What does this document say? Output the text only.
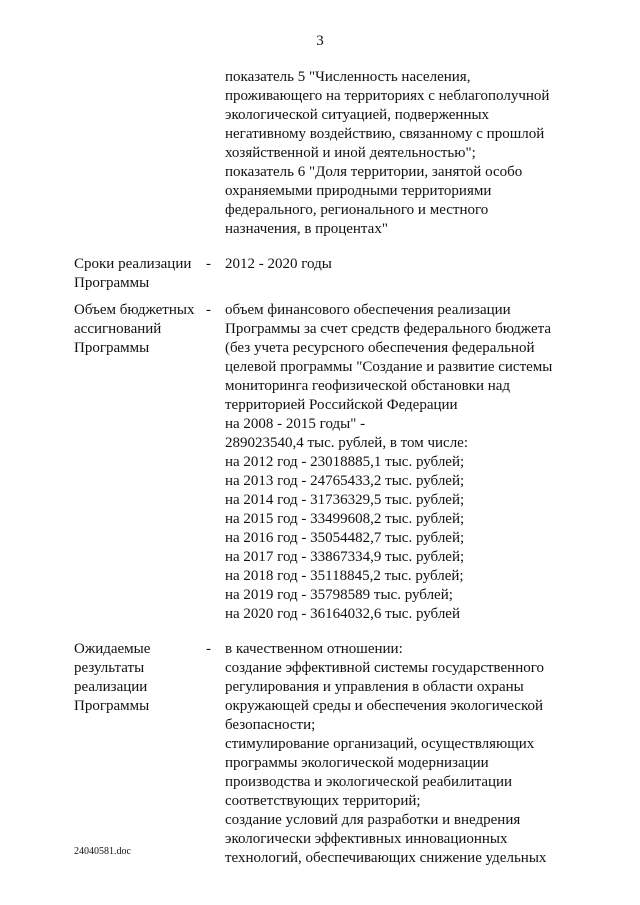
3
показатель 5 "Численность населения,
проживающего на территориях с неблагополучной
экологической ситуацией, подверженных
негативному воздействию, связанному с прошлой
хозяйственной и иной деятельностью";
показатель 6 "Доля территории, занятой особо
охраняемыми природными территориями
федерального, регионального и местного
назначения, в процентах"
Сроки реализации
Программы
- 2012 - 2020 годы
Объем бюджетных
ассигнований
Программы
- объем финансового обеспечения реализации
Программы за счет средств федерального бюджета
(без учета ресурсного обеспечения федеральной
целевой программы "Создание и развитие системы
мониторинга геофизической обстановки над
территорией Российской Федерации
на 2008 - 2015 годы" -
289023540,4 тыс. рублей, в том числе:
на 2012 год - 23018885,1 тыс. рублей;
на 2013 год - 24765433,2 тыс. рублей;
на 2014 год - 31736329,5 тыс. рублей;
на 2015 год - 33499608,2 тыс. рублей;
на 2016 год - 35054482,7 тыс. рублей;
на 2017 год - 33867334,9 тыс. рублей;
на 2018 год - 35118845,2 тыс. рублей;
на 2019 год - 35798589 тыс. рублей;
на 2020 год - 36164032,6 тыс. рублей
Ожидаемые
результаты
реализации
Программы
- в качественном отношении:
создание эффективной системы государственного
регулирования и управления в области охраны
окружающей среды и обеспечения экологической
безопасности;
стимулирование организаций, осуществляющих
программы экологической модернизации
производства и экологической реабилитации
соответствующих территорий;
создание условий для разработки и внедрения
экологически эффективных инновационных
технологий, обеспечивающих снижение удельных
24040581.doc
